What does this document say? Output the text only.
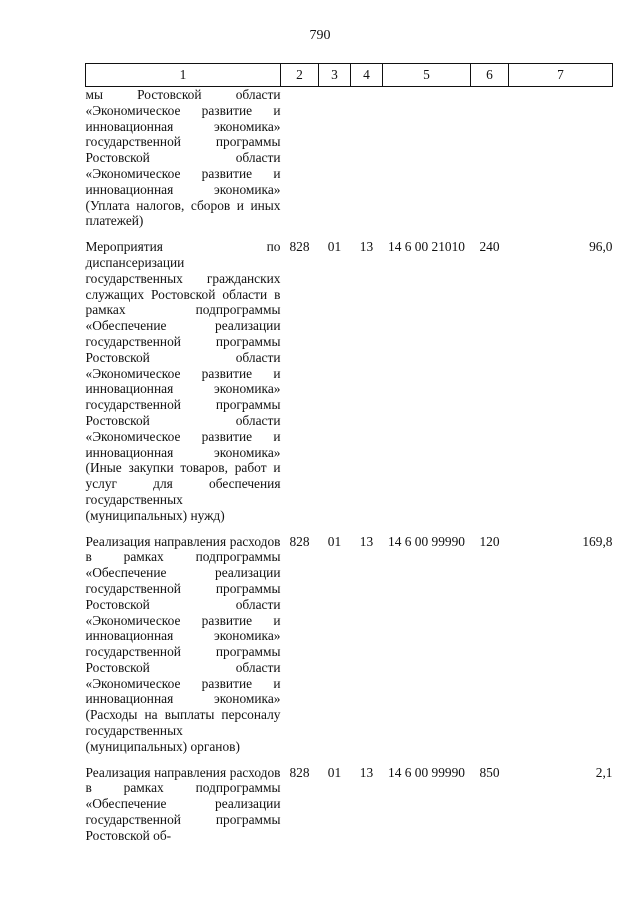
790
1	2	3	4	5	6	7
мы Ростовской области «Экономическое развитие и инновационная экономика» государственной программы Ростовской области «Экономическое развитие и инновационная экономика» (Уплата налогов, сборов и иных платежей)						

Мероприятия по диспансеризации государственных гражданских служащих Ростовской области в рамках подпрограммы «Обеспечение реализации государственной программы Ростовской области «Экономическое развитие и инновационная экономика» государственной программы Ростовской области «Экономическое развитие и инновационная экономика» (Иные закупки товаров, работ и услуг для обеспечения государственных (муниципальных) нужд)	828	01	13	14 6 00 21010	240	96,0

Реализация направления расходов в рамках подпрограммы «Обеспечение реализации государственной программы Ростовской области «Экономическое развитие и инновационная экономика» государственной программы Ростовской области «Экономическое развитие и инновационная экономика» (Расходы на выплаты персоналу государственных (муниципальных) органов)	828	01	13	14 6 00 99990	120	169,8

Реализация направления расходов в рамках подпрограммы «Обеспечение реализации государственной программы Ростовской об-	828	01	13	14 6 00 99990	850	2,1
